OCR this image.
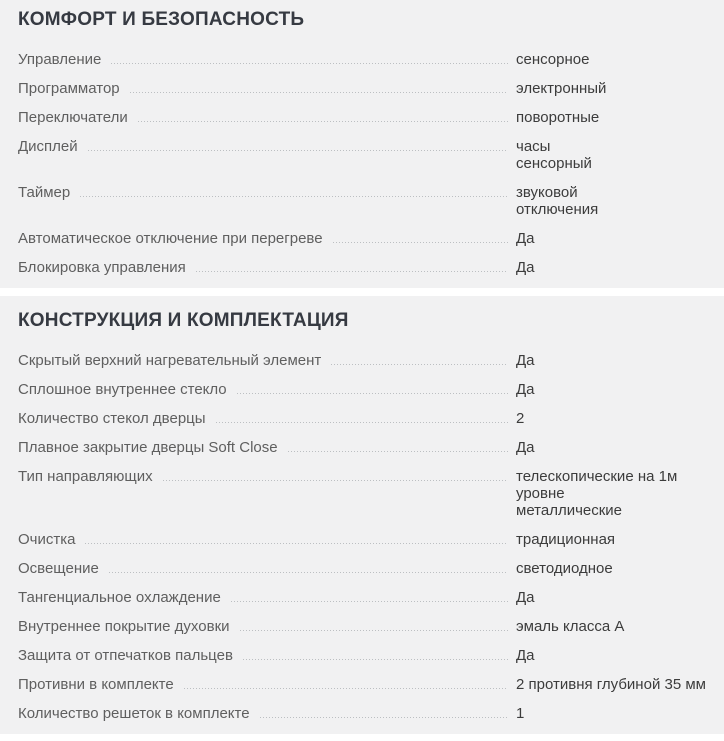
КОМФОРТ И БЕЗОПАСНОСТЬ
Управление	сенсорное
Программатор	электронный
Переключатели	поворотные
Дисплей	часы
сенсорный
Таймер	звуковой
отключения
Автоматическое отключение при перегреве	Да
Блокировка управления	Да
КОНСТРУКЦИЯ И КОМПЛЕКТАЦИЯ
Скрытый верхний нагревательный элемент	Да
Сплошное внутреннее стекло	Да
Количество стекол дверцы	2
Плавное закрытие дверцы Soft Close	Да
Тип направляющих	телескопические на 1м уровне
металлические
Очистка	традиционная
Освещение	светодиодное
Тангенциальное охлаждение	Да
Внутреннее покрытие духовки	эмаль класса А
Защита от отпечатков пальцев	Да
Противни в комплекте	2 противня глубиной 35 мм
Количество решеток в комплекте	1
